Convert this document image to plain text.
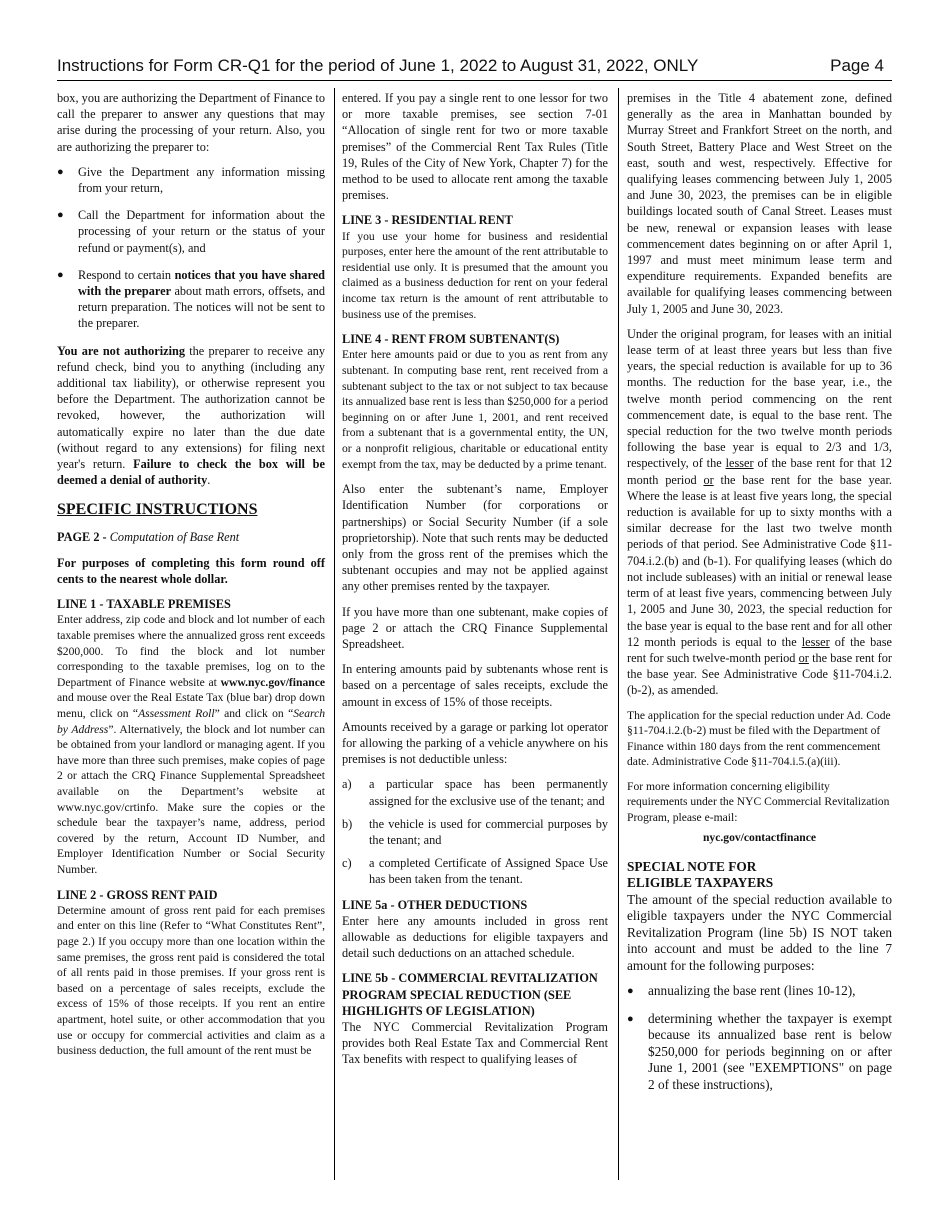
Instructions for Form CR-Q1 for the period of June 1, 2022 to August 31, 2022, ONLY	Page 4

box, you are authorizing the Department of Finance to call the preparer to answer any questions that may arise during the processing of your return. Also, you are authorizing the preparer to:

● Give the Department any information missing from your return,
● Call the Department for information about the processing of your return or the status of your refund or payment(s), and
● Respond to certain notices that you have shared with the preparer about math errors, offsets, and return preparation. The notices will not be sent to the preparer.

You are not authorizing the preparer to receive any refund check, bind you to anything (including any additional tax liability), or otherwise represent you before the Department. The authorization cannot be revoked, however, the authorization will automatically expire no later than the due date (without regard to any extensions) for filing next year's return. Failure to check the box will be deemed a denial of authority.

SPECIFIC INSTRUCTIONS

PAGE 2 - Computation of Base Rent

For purposes of completing this form round off cents to the nearest whole dollar.

LINE 1 - TAXABLE PREMISES

Enter address, zip code and block and lot number of each taxable premises where the annualized gross rent exceeds $200,000. To find the block and lot number corresponding to the taxable premises, log on to the Department of Finance website at www.nyc.gov/finance and mouse over the Real Estate Tax (blue bar) drop down menu, click on “Assessment Roll” and click on “Search by Address”. Alternatively, the block and lot number can be obtained from your landlord or managing agent. If you have more than three such premises, make copies of page 2 or attach the CRQ Finance Supplemental Spreadsheet available on the Department’s website at www.nyc.gov/crtinfo. Make sure the copies or the schedule bear the taxpayer’s name, address, period covered by the return, Account ID Number, and Employer Identification Number or Social Security Number.

LINE 2 - GROSS RENT PAID

Determine amount of gross rent paid for each premises and enter on this line (Refer to “What Constitutes Rent”, page 2.) If you occupy more than one location within the same premises, the gross rent paid is considered the total of all rents paid in those premises. If your gross rent is based on a percentage of sales receipts, exclude the excess of 15% of those receipts. If you rent an entire apartment, hotel suite, or other accommodation that you use or occupy for commercial activities and claim as a business deduction, the full amount of the rent must be

entered. If you pay a single rent to one lessor for two or more taxable premises, see section 7-01 “Allocation of single rent for two or more taxable premises” of the Commercial Rent Tax Rules (Title 19, Rules of the City of New York, Chapter 7) for the method to be used to allocate rent among the taxable premises.

LINE 3 - RESIDENTIAL RENT

If you use your home for business and residential purposes, enter here the amount of the rent attributable to residential use only. It is presumed that the amount you claimed as a business deduction for rent on your federal income tax return is the amount of rent attributable to business use of the premises.

LINE 4 - RENT FROM SUBTENANT(S)

Enter here amounts paid or due to you as rent from any subtenant. In computing base rent, rent received from a subtenant subject to the tax or not subject to tax because its annualized base rent is less than $250,000 for a period beginning on or after June 1, 2001, and rent received from a subtenant that is a governmental entity, the UN, or a nonprofit religious, charitable or educational entity exempt from the tax, may be deducted by a prime tenant.

Also enter the subtenant’s name, Employer Identification Number (for corporations or partnerships) or Social Security Number (if a sole proprietorship). Note that such rents may be deducted only from the gross rent of the premises which the subtenant occupies and may not be applied against any other premises rented by the taxpayer.

If you have more than one subtenant, make copies of page 2 or attach the CRQ Finance Supplemental Spreadsheet.

In entering amounts paid by subtenants whose rent is based on a percentage of sales receipts, exclude the amount in excess of 15% of those receipts.

Amounts received by a garage or parking lot operator for allowing the parking of a vehicle anywhere on his premises is not deductible unless:

a) a particular space has been permanently assigned for the exclusive use of the tenant; and
b) the vehicle is used for commercial purposes by the tenant; and
c) a completed Certificate of Assigned Space Use has been taken from the tenant.
LINE 5a - OTHER DEDUCTIONS

Enter here any amounts included in gross rent allowable as deductions for eligible taxpayers and detail such deductions on an attached schedule.

LINE 5b - COMMERCIAL REVITALIZATION PROGRAM SPECIAL REDUCTION (SEE HIGHLIGHTS OF LEGISLATION)

The NYC Commercial Revitalization Program provides both Real Estate Tax and Commercial Rent Tax benefits with respect to qualifying leases of

premises in the Title 4 abatement zone, defined generally as the area in Manhattan bounded by Murray Street and Frankfort Street on the north, and South Street, Battery Place and West Street on the east, south and west, respectively. Effective for qualifying leases commencing between July 1, 2005 and June 30, 2023, the premises can be in eligible buildings located south of Canal Street. Leases must be new, renewal or expansion leases with lease commencement dates beginning on or after April 1, 1997 and must meet minimum lease term and expenditure requirements. Expanded benefits are available for qualifying leases commencing between July 1, 2005 and June 30, 2023.

Under the original program, for leases with an initial lease term of at least three years but less than five years, the special reduction is available for up to 36 months. The reduction for the base year, i.e., the twelve month period commencing on the rent commencement date, is equal to the base rent. The special reduction for the two twelve month periods following the base year is equal to 2/3 and 1/3, respectively, of the lesser of the base rent for that 12 month period or the base rent for the base year. Where the lease is at least five years long, the special reduction is available for up to sixty months with a similar decrease for the last two twelve month periods of that period. See Administrative Code §11-704.i.2.(b) and (b-1). For qualifying leases (which do not include subleases) with an initial or renewal lease term of at least five years, commencing between July 1, 2005 and June 30, 2023, the special reduction for the base year is equal to the base rent and for all other 12 month periods is equal to the lesser of the base rent for such twelve-month period or the base rent for the base year. See Administrative Code §11-704.i.2.(b-2), as amended.

The application for the special reduction under Ad. Code §11-704.i.2.(b-2) must be filed with the Department of Finance within 180 days from the rent commencement date. Administrative Code §11-704.i.5.(a)(iii).

For more information concerning eligibility requirements under the NYC Commercial Revitalization Program, please e-mail:

nyc.gov/contactfinance

SPECIAL NOTE FOR
ELIGIBLE TAXPAYERS

The amount of the special reduction available to eligible taxpayers under the NYC Commercial Revitalization Program (line 5b) IS NOT taken into account and must be added to the line 7 amount for the following purposes:

● annualizing the base rent (lines 10-12),
● determining whether the taxpayer is exempt because its annualized base rent is below $250,000 for periods beginning on or after June 1, 2001 (see "EXEMPTIONS" on page 2 of these instructions),
